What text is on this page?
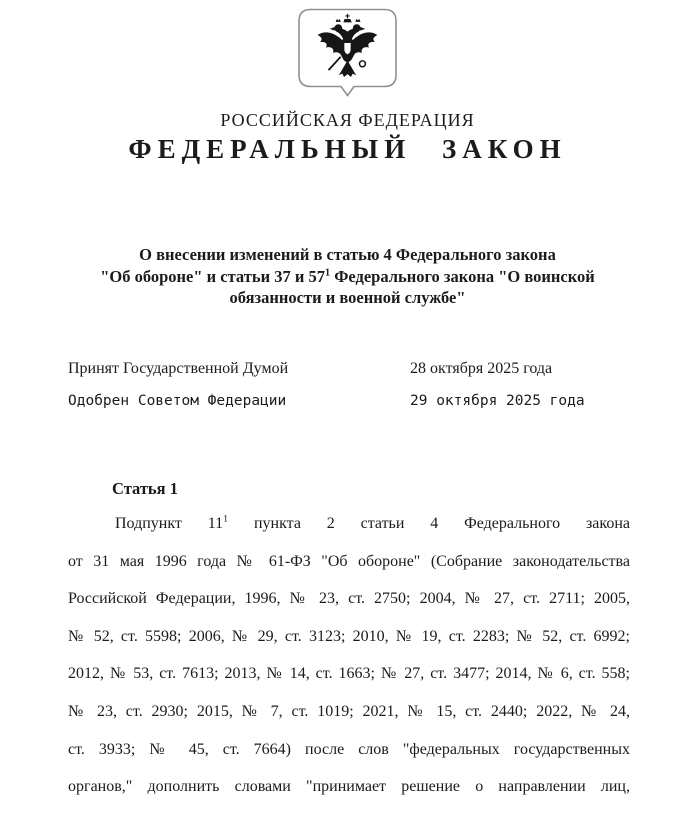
РОССИЙСКАЯ ФЕДЕРАЦИЯ
ФЕДЕРАЛЬНЫЙ ЗАКОН
О внесении изменений в статью 4 Федерального закона
"Об обороне" и статьи 37 и $57^1$ Федерального закона "О воинской
обязанности и военной службе"
Принят Государственной Думой	28 октября 2025 года
Одобрен Советом Федерации	29 октября 2025 года
Статья 1
Подпункт $11^1$ пункта 2 статьи 4 Федерального закона
от 31 мая 1996 года № 61-ФЗ "Об обороне" (Собрание законодательства
Российской Федерации, 1996, № 23, ст. 2750; 2004, № 27, ст. 2711; 2005,
№ 52, ст. 5598; 2006, № 29, ст. 3123; 2010, № 19, ст. 2283; № 52, ст. 6992;
2012, № 53, ст. 7613; 2013, № 14, ст. 1663; № 27, ст. 3477; 2014, № 6, ст. 558;
№ 23, ст. 2930; 2015, № 7, ст. 1019; 2021, № 15, ст. 2440; 2022, № 24,
ст. 3933; № 45, ст. 7664) после слов "федеральных государственных
органов," дополнить словами "принимает решение о направлении лиц,
